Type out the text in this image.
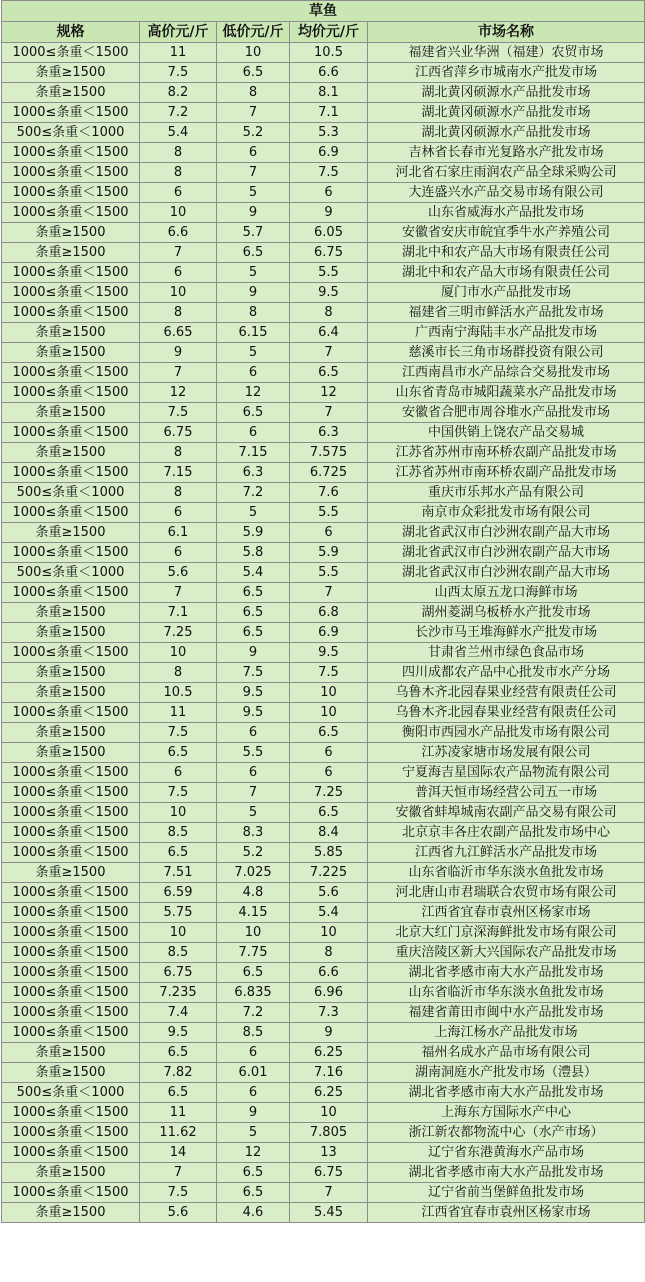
草鱼				
规格	高价元/斤	低价元/斤	均价元/斤	市场名称
1000≤条重＜1500	11	10	10.5	福建省兴业华洲（福建）农贸市场
条重≥1500	7.5	6.5	6.6	江西省萍乡市城南水产批发市场
条重≥1500	8.2	8	8.1	湖北黄冈硕源水产品批发市场
1000≤条重＜1500	7.2	7	7.1	湖北黄冈硕源水产品批发市场
500≤条重＜1000	5.4	5.2	5.3	湖北黄冈硕源水产品批发市场
1000≤条重＜1500	8	6	6.9	吉林省长春市光复路水产批发市场
1000≤条重＜1500	8	7	7.5	河北省石家庄雨润农产品全球采购公司
1000≤条重＜1500	6	5	6	大连盛兴水产品交易市场有限公司
1000≤条重＜1500	10	9	9	山东省威海水产品批发市场
条重≥1500	6.6	5.7	6.05	安徽省安庆市皖宜季牛水产养殖公司
条重≥1500	7	6.5	6.75	湖北中和农产品大市场有限责任公司
1000≤条重＜1500	6	5	5.5	湖北中和农产品大市场有限责任公司
1000≤条重＜1500	10	9	9.5	厦门市水产品批发市场
1000≤条重＜1500	8	8	8	福建省三明市鲜活水产品批发市场
条重≥1500	6.65	6.15	6.4	广西南宁海陆丰水产品批发市场
条重≥1500	9	5	7	慈溪市长三角市场群投资有限公司
1000≤条重＜1500	7	6	6.5	江西南昌市水产品综合交易批发市场
1000≤条重＜1500	12	12	12	山东省青岛市城阳蔬菜水产品批发市场
条重≥1500	7.5	6.5	7	安徽省合肥市周谷堆水产品批发市场
1000≤条重＜1500	6.75	6	6.3	中国供销上饶农产品交易城
条重≥1500	8	7.15	7.575	江苏省苏州市南环桥农副产品批发市场
1000≤条重＜1500	7.15	6.3	6.725	江苏省苏州市南环桥农副产品批发市场
500≤条重＜1000	8	7.2	7.6	重庆市乐邦水产品有限公司
1000≤条重＜1500	6	5	5.5	南京市众彩批发市场有限公司
条重≥1500	6.1	5.9	6	湖北省武汉市白沙洲农副产品大市场
1000≤条重＜1500	6	5.8	5.9	湖北省武汉市白沙洲农副产品大市场
500≤条重＜1000	5.6	5.4	5.5	湖北省武汉市白沙洲农副产品大市场
1000≤条重＜1500	7	6.5	7	山西太原五龙口海鲜市场
条重≥1500	7.1	6.5	6.8	湖州菱湖乌板桥水产批发市场
条重≥1500	7.25	6.5	6.9	长沙市马王堆海鲜水产批发市场
1000≤条重＜1500	10	9	9.5	甘肃省兰州市绿色食品市场
条重≥1500	8	7.5	7.5	四川成都农产品中心批发市水产分场
条重≥1500	10.5	9.5	10	乌鲁木齐北园春果业经营有限责任公司
1000≤条重＜1500	11	9.5	10	乌鲁木齐北园春果业经营有限责任公司
条重≥1500	7.5	6	6.5	衡阳市西园水产品批发市场有限公司
条重≥1500	6.5	5.5	6	江苏凌家塘市场发展有限公司
1000≤条重＜1500	6	6	6	宁夏海吉星国际农产品物流有限公司
1000≤条重＜1500	7.5	7	7.25	普洱天恒市场经营公司五一市场
1000≤条重＜1500	10	5	6.5	安徽省蚌埠城南农副产品交易有限公司
1000≤条重＜1500	8.5	8.3	8.4	北京京丰各庄农副产品批发市场中心
1000≤条重＜1500	6.5	5.2	5.85	江西省九江鲜活水产品批发市场
条重≥1500	7.51	7.025	7.225	山东省临沂市华东淡水鱼批发市场
1000≤条重＜1500	6.59	4.8	5.6	河北唐山市君瑞联合农贸市场有限公司
1000≤条重＜1500	5.75	4.15	5.4	江西省宜春市袁州区杨家市场
1000≤条重＜1500	10	10	10	北京大红门京深海鲜批发市场有限公司
1000≤条重＜1500	8.5	7.75	8	重庆涪陵区新大兴国际农产品批发市场
1000≤条重＜1500	6.75	6.5	6.6	湖北省孝感市南大水产品批发市场
1000≤条重＜1500	7.235	6.835	6.96	山东省临沂市华东淡水鱼批发市场
1000≤条重＜1500	7.4	7.2	7.3	福建省莆田市闽中水产品批发市场
1000≤条重＜1500	9.5	8.5	9	上海江杨水产品批发市场
条重≥1500	6.5	6	6.25	福州名成水产品市场有限公司
条重≥1500	7.82	6.01	7.16	湖南洞庭水产批发市场（澧县）
500≤条重＜1000	6.5	6	6.25	湖北省孝感市南大水产品批发市场
1000≤条重＜1500	11	9	10	上海东方国际水产中心
1000≤条重＜1500	11.62	5	7.805	浙江新农都物流中心（水产市场）
1000≤条重＜1500	14	12	13	辽宁省东港黄海水产品市场
条重≥1500	7	6.5	6.75	湖北省孝感市南大水产品批发市场
1000≤条重＜1500	7.5	6.5	7	辽宁省前当堡鲜鱼批发市场
条重≥1500	5.6	4.6	5.45	江西省宜春市袁州区杨家市场
